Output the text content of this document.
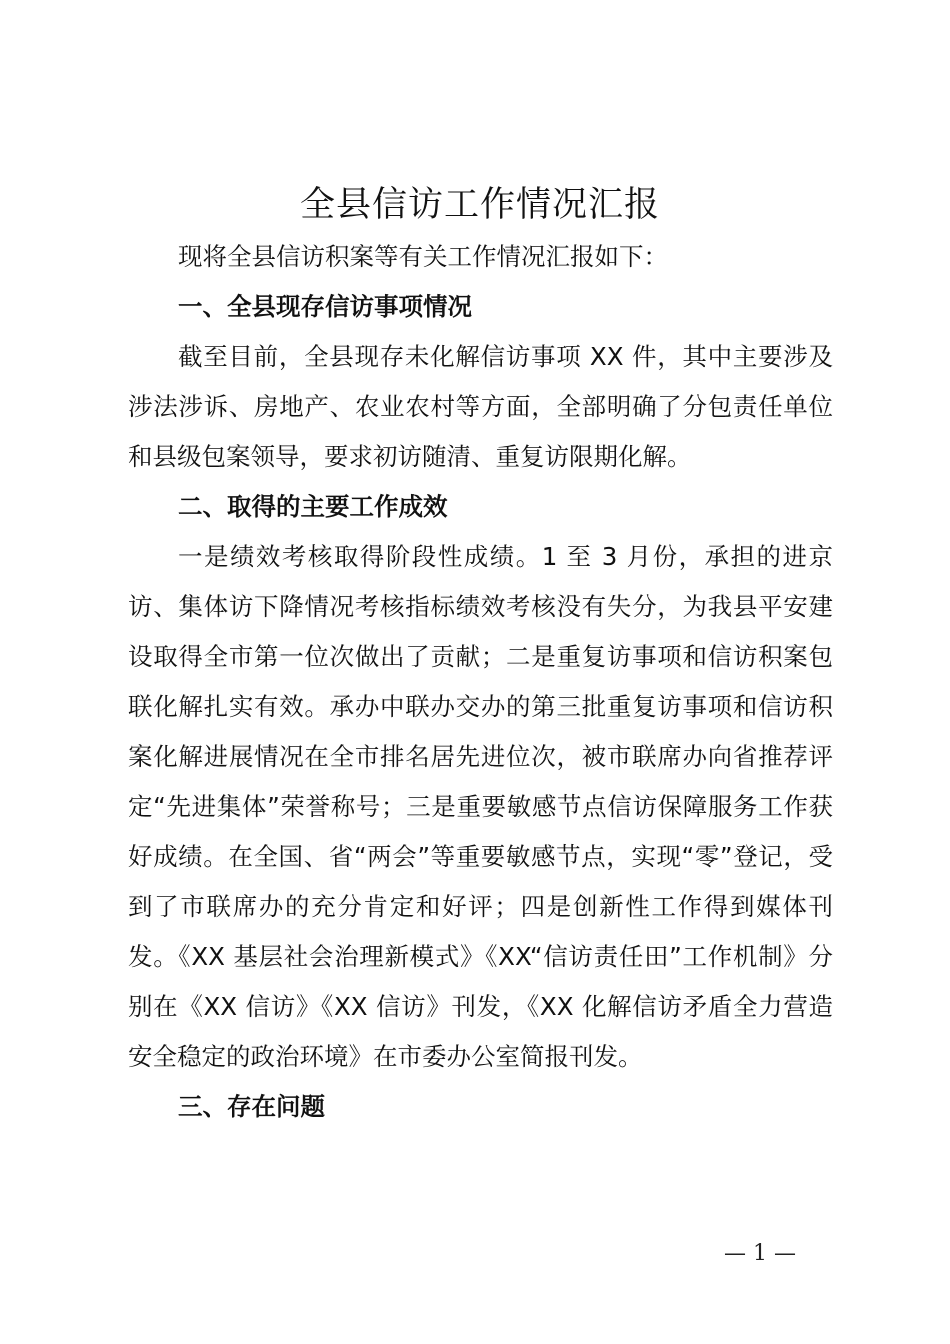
全县信访工作情况汇报

现将全县信访积案等有关工作情况汇报如下：

一、全县现存信访事项情况

截至目前，全县现存未化解信访事项 XX 件，其中主要涉及涉法涉诉、房地产、农业农村等方面，全部明确了分包责任单位和县级包案领导，要求初访随清、重复访限期化解。

二、取得的主要工作成效

一是绩效考核取得阶段性成绩。1 至 3 月份，承担的进京访、集体访下降情况考核指标绩效考核没有失分，为我县平安建设取得全市第一位次做出了贡献；二是重复访事项和信访积案包联化解扎实有效。承办中联办交办的第三批重复访事项和信访积案化解进展情况在全市排名居先进位次，被市联席办向省推荐评定“先进集体”荣誉称号；三是重要敏感节点信访保障服务工作获好成绩。在全国、省“两会”等重要敏感节点，实现“零”登记，受到了市联席办的充分肯定和好评；四是创新性工作得到媒体刊发。《XX 基层社会治理新模式》《XX“信访责任田”工作机制》分别在《XX 信访》《XX 信访》刊发，《XX 化解信访矛盾全力营造安全稳定的政治环境》在市委办公室简报刊发。

三、存在问题

— 1 —
